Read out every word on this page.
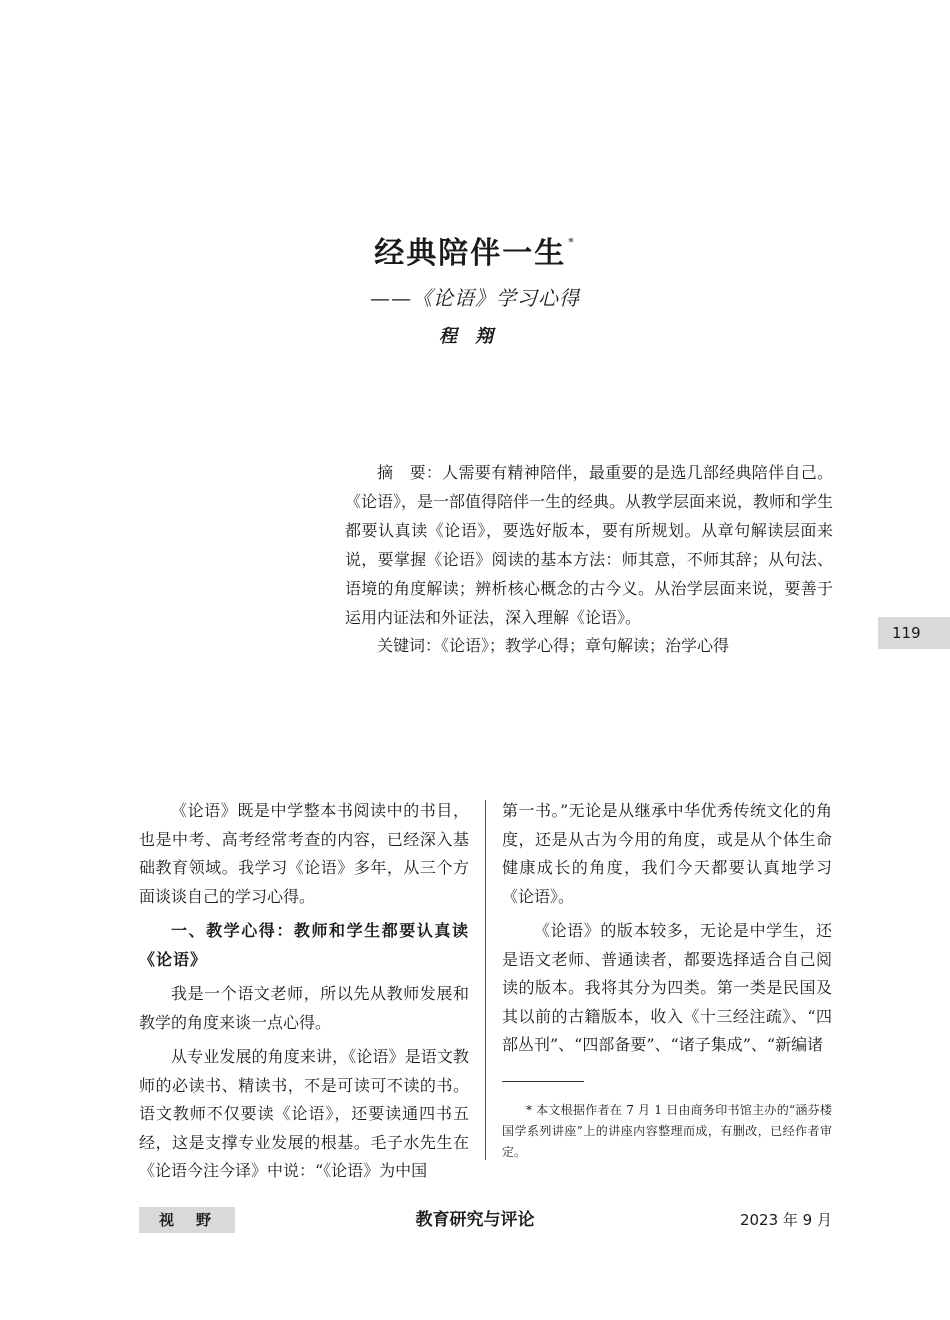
经典陪伴一生 *
——《论语》学习心得
程翔
摘　要：人需要有精神陪伴，最重要的是选几部经典陪伴自己。《论语》，是一部值得陪伴一生的经典。从教学层面来说，教师和学生都要认真读《论语》，要选好版本，要有所规划。从章句解读层面来说，要掌握《论语》阅读的基本方法：师其意，不师其辞；从句法、语境的角度解读；辨析核心概念的古今义。从治学层面来说，要善于运用内证法和外证法，深入理解《论语》。
关键词：《论语》；教学心得；章句解读；治学心得
119

《论语》既是中学整本书阅读中的书目，也是中考、高考经常考查的内容，已经深入基础教育领域。我学习《论语》多年，从三个方面谈谈自己的学习心得。

一、教学心得：教师和学生都要认真读《论语》

我是一个语文老师，所以先从教师发展和教学的角度来谈一点心得。

从专业发展的角度来讲，《论语》是语文教师的必读书、精读书，不是可读可不读的书。语文教师不仅要读《论语》，还要读通四书五经，这是支撑专业发展的根基。毛子水先生在《论语今注今译》中说：“《论语》为中国

第一书。”无论是从继承中华优秀传统文化的角度，还是从古为今用的角度，或是从个体生命健康成长的角度，我们今天都要认真地学习《论语》。

《论语》的版本较多，无论是中学生，还是语文老师、普通读者，都要选择适合自己阅读的版本。我将其分为四类。第一类是民国及其以前的古籍版本，收入《十三经注疏》、“四部丛刊”、“四部备要”、“诸子集成”、“新编诸

* 本文根据作者在 7 月 1 日由商务印书馆主办的“涵芬楼国学系列讲座”上的讲座内容整理而成，有删改，已经作者审定。
视野	教育研究与评论	2023 年 9 月
